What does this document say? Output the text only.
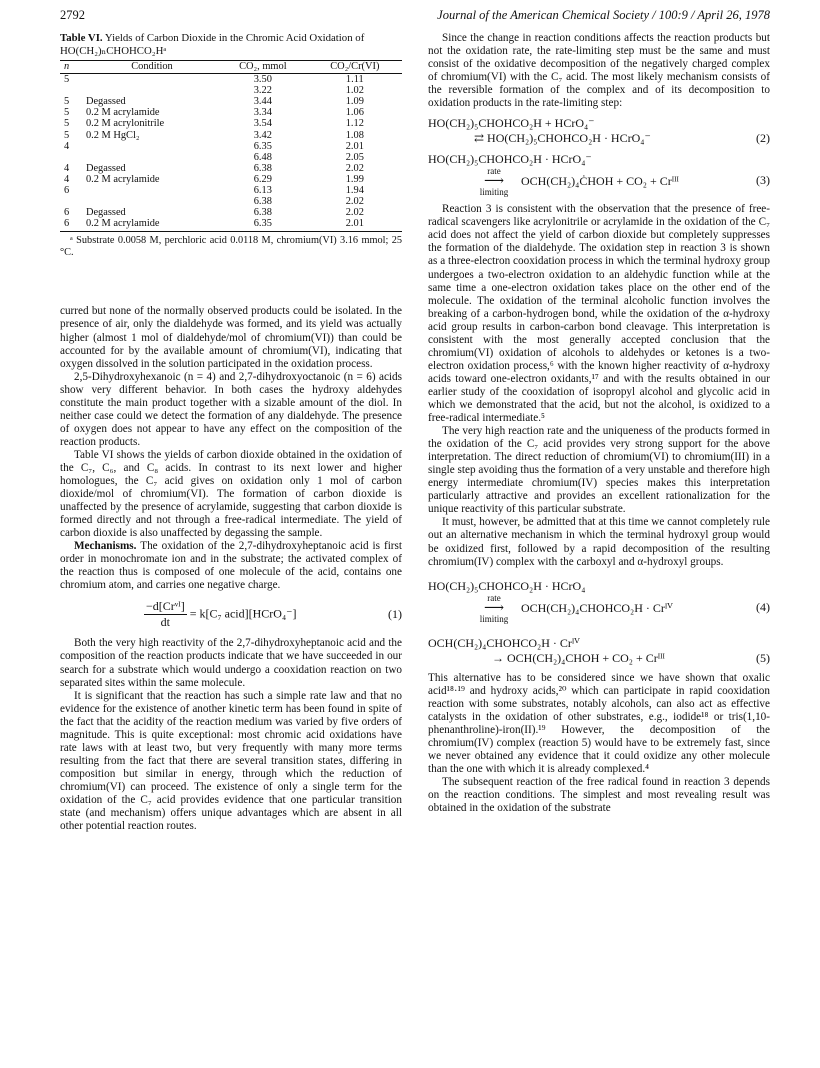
2792	Journal of the American Chemical Society / 100:9 / April 26, 1978

Table VI. Yields of Carbon Dioxide in the Chromic Acid Oxidation of HO(CH₂)ₙCHOHCO₂Hᵃ

n	Condition	CO₂, mmol	CO₂/Cr(VI)
5		3.50	1.11
		3.22	1.02
5	Degassed	3.44	1.09
5	0.2 M acrylamide	3.34	1.06
5	0.2 M acrylonitrile	3.54	1.12
5	0.2 M HgCl₂	3.42	1.08
4		6.35	2.01
		6.48	2.05
4	Degassed	6.38	2.02
4	0.2 M acrylamide	6.29	1.99
6		6.13	1.94
		6.38	2.02
6	Degassed	6.38	2.02
6	0.2 M acrylamide	6.35	2.01

ᵃ Substrate 0.0058 M, perchloric acid 0.0118 M, chromium(VI) 3.16 mmol; 25 °C.

curred but none of the normally observed products could be isolated. In the presence of air, only the dialdehyde was formed, and its yield was actually higher (almost 1 mol of dialdehyde/mol of chromium(VI)) than could be accounted for by the available amount of chromium(VI), indicating that oxygen dissolved in the solution participated in the oxidation process.

2,5-Dihydroxyhexanoic (n = 4) and 2,7-dihydroxyoctanoic (n = 6) acids show very different behavior. In both cases the hydroxy aldehydes constitute the main product together with a sizable amount of the diol. In neither case could we detect the formation of any dialdehyde. The presence of oxygen does not appear to have any effect on the composition of the reaction products.

Table VI shows the yields of carbon dioxide obtained in the oxidation of the C₇, C₆, and C₈ acids. In contrast to its next lower and higher homologues, the C₇ acid gives on oxidation only 1 mol of carbon dioxide/mol of chromium(VI). The formation of carbon dioxide is unaffected by the presence of acrylamide, suggesting that carbon dioxide is formed directly and not through a free-radical intermediate. The yield of carbon dioxide is also unaffected by degassing the sample.

Mechanisms. The oxidation of the 2,7-dihydroxyheptanoic acid is first order in monochromate ion and in the substrate; the activated complex of the reaction thus is composed of one molecule of the acid, contains one chromium atom, and carries one negative charge.

$\frac{\text{−d[Crᵛᴵ]}}{dt} = k[C_7$ acid][HCrO₄⁻]	(1)

Both the very high reactivity of the 2,7-dihydroxyheptanoic acid and the composition of the reaction products indicate that we have succeeded in our search for a substrate which would undergo a cooxidation reaction on two separated sites within the same molecule.

It is significant that the reaction has such a simple rate law and that no evidence for the existence of another kinetic term has been found in spite of the fact that the acidity of the reaction medium was varied by five orders of magnitude. This is quite exceptional: most chromic acid oxidations have rate laws with at least two, but very frequently with many more terms resulting from the fact that there are several transition states, differing in composition but similar in energy, through which the reduction of chromium(VI) can proceed. The existence of only a single term for the oxidation of the C₇ acid provides evidence that one particular transition state (and mechanism) offers unique advantages which are absent in all other potential reaction routes.

Since the change in reaction conditions affects the reaction products but not the oxidation rate, the rate-limiting step must be the same and must consist of the oxidative decomposition of the negatively charged complex of chromium(VI) with the C₇ acid. The most likely mechanism consists of the reversible formation of the complex and of its decomposition to oxidation products in the rate-limiting step:

HO(CH₂)₅CHOHCO₂H + HCrO₄⁻
⇄ HO(CH₂)₅CHOHCO₂H · HCrO₄⁻	(2)
HO(CH₂)₅CHOHCO₂H · HCrO₄⁻
rate
⟶
limiting OCH(CH₂)₄ĊHOH + CO₂ + Crᴵᴵᴵ	(3)

Reaction 3 is consistent with the observation that the presence of free-radical scavengers like acrylonitrile or acrylamide in the oxidation of the C₇ acid does not affect the yield of carbon dioxide but completely suppresses the formation of the dialdehyde. The oxidation step in reaction 3 is shown as a three-electron cooxidation process in which the terminal hydroxy group undergoes a two-electron oxidation to an aldehydic function while at the same time a one-electron oxidation takes place on the other end of the molecule. The oxidation of the terminal alcoholic function involves the breaking of a carbon-hydrogen bond, while the oxidation of the α-hydroxy acid group results in carbon-carbon bond cleavage. This interpretation is consistent with the most generally accepted conclusion that the chromium(VI) oxidation of alcohols to aldehydes or ketones is a two-electron oxidation process,⁶ with the known higher reactivity of α-hydroxy acids toward one-electron oxidants,¹⁷ and with the results obtained in our earlier study of the cooxidation of isopropyl alcohol and glycolic acid in which we demonstrated that the acid, but not the alcohol, is oxidized to a free-radical intermediate.⁵

The very high reaction rate and the uniqueness of the products formed in the oxidation of the C₇ acid provides very strong support for the above interpretation. The direct reduction of chromium(VI) to chromium(III) in a single step avoiding thus the formation of a very unstable and therefore high energy intermediate chromium(IV) species makes this interpretation particularly attractive and provides an excellent rationalization for the unique reactivity of this particular substrate.

It must, however, be admitted that at this time we cannot completely rule out an alternative mechanism in which the terminal hydroxyl group would be oxidized first, followed by a rapid decomposition of the resulting chromium(IV) complex with the carboxyl and α-hydroxyl groups.

HO(CH₂)₅CHOHCO₂H · HCrO₄
rate
⟶
limiting OCH(CH₂)₄CHOHCO₂H · Crᴵⱽ	(4)
OCH(CH₂)₄CHOHCO₂H · Crᴵⱽ
→ OCH(CH₂)₄CHOH + CO₂ + Crᴵᴵᴵ	(5)

This alternative has to be considered since we have shown that oxalic acid¹⁸·¹⁹ and hydroxy acids,²⁰ which can participate in rapid cooxidation reaction with some substrates, notably alcohols, can also act as effective catalysts in the oxidation of other substrates, e.g., iodide¹⁸ or tris(1,10-phenanthroline)-iron(II).¹⁹ However, the decomposition of the chromium(IV) complex (reaction 5) would have to be extremely fast, since we never obtained any evidence that it could oxidize any other molecule than the one with which it is already complexed.⁴

The subsequent reaction of the free radical found in reaction 3 depends on the reaction conditions. The simplest and most revealing result was obtained in the oxidation of the substrate
